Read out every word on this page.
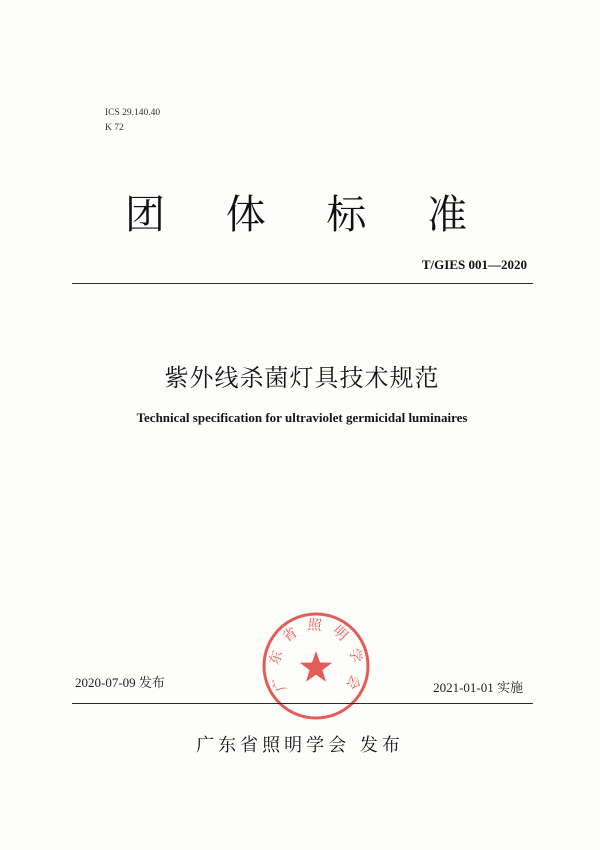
ICS 29.140.40
K 72
团 体 标 准
T/GIES 001—2020
紫外线杀菌灯具技术规范
Technical specification for ultraviolet germicidal luminaires
广东省照明学会
2020-07-09 发布	2021-01-01 实施
广东省照明学会 发布
